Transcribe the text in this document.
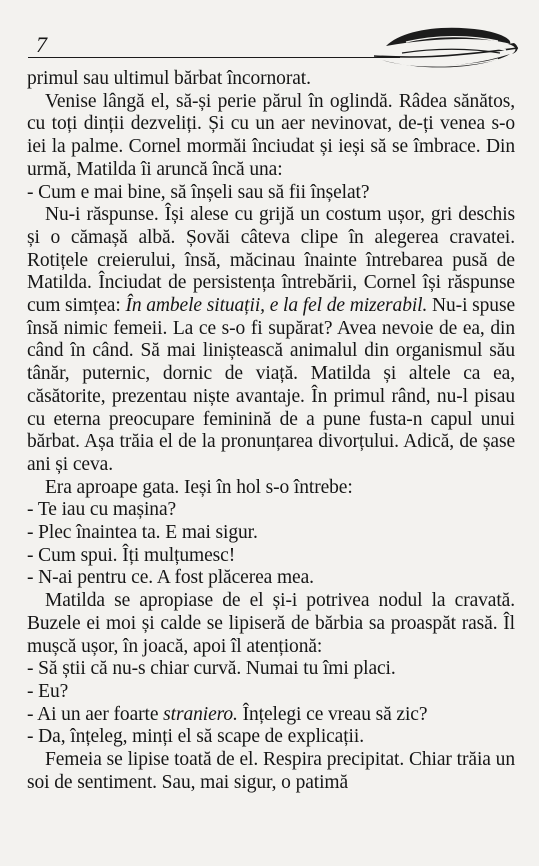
7

primul sau ultimul bărbat încornorat.

Venise lângă el, să-și perie părul în oglindă. Râdea sănătos, cu toți dinții dezveliți. Și cu un aer nevinovat, de-ți venea s-o iei la palme. Cornel mormăi înciudat și ieși să se îmbrace. Din urmă, Matilda îi aruncă încă una:

- Cum e mai bine, să înșeli sau să fii înșelat?

Nu-i răspunse. Își alese cu grijă un costum ușor, gri deschis și o cămașă albă. Șovăi câteva clipe în alegerea cravatei. Rotițele creierului, însă, măcinau înainte întrebarea pusă de Matilda. Înciudat de persistența întrebării, Cornel își răspunse cum simțea: În ambele situații, e la fel de mizerabil. Nu-i spuse însă nimic femeii. La ce s-o fi supărat? Avea nevoie de ea, din când în când. Să mai liniștească animalul din organismul său tânăr, puternic, dornic de viață. Matilda și altele ca ea, căsătorite, prezentau niște avantaje. În primul rând, nu-l pisau cu eterna preocupare feminină de a pune fusta-n capul unui bărbat. Așa trăia el de la pronunțarea divorțului. Adică, de șase ani și ceva.

Era aproape gata. Ieși în hol s-o întrebe:

- Te iau cu mașina?

- Plec înaintea ta. E mai sigur.

- Cum spui. Îți mulțumesc!

- N-ai pentru ce. A fost plăcerea mea.

Matilda se apropiase de el și-i potrivea nodul la cravată. Buzele ei moi și calde se lipiseră de bărbia sa proaspăt rasă. Îl mușcă ușor, în joacă, apoi îl atenționă:

- Să știi că nu-s chiar curvă. Numai tu îmi placi.

- Eu?

- Ai un aer foarte straniero. Înțelegi ce vreau să zic?

- Da, înțeleg, minți el să scape de explicații.

Femeia se lipise toată de el. Respira precipitat. Chiar trăia un soi de sentiment. Sau, mai sigur, o patimă
